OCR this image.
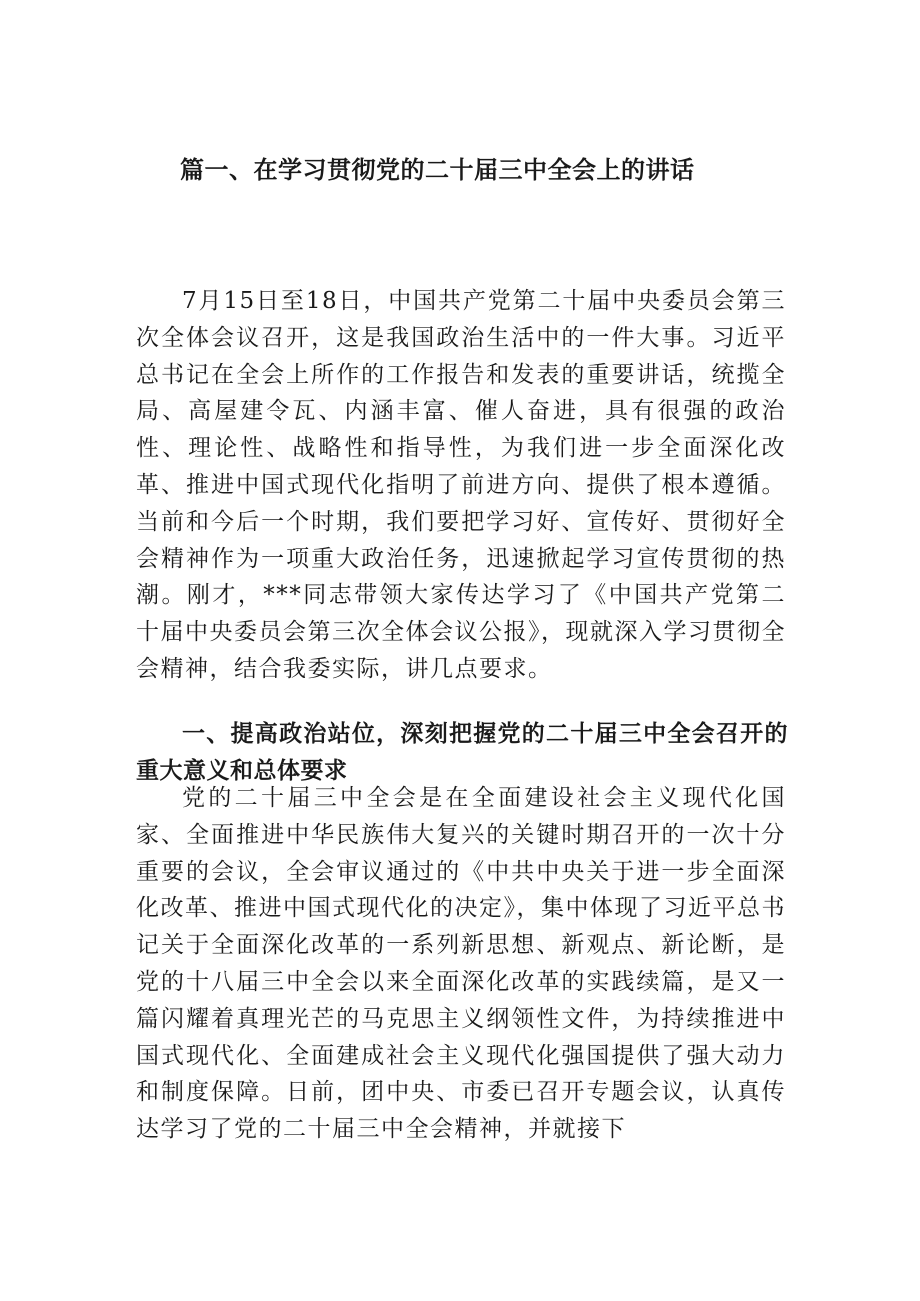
篇一、在学习贯彻党的二十届三中全会上的讲话

7月15日至18日，中国共产党第二十届中央委员会第三次全体会议召开，这是我国政治生活中的一件大事。习近平总书记在全会上所作的工作报告和发表的重要讲话，统揽全局、高屋建令瓦、内涵丰富、催人奋进，具有很强的政治性、理论性、战略性和指导性，为我们进一步全面深化改革、推进中国式现代化指明了前进方向、提供了根本遵循。当前和今后一个时期，我们要把学习好、宣传好、贯彻好全会精神作为一项重大政治任务，迅速掀起学习宣传贯彻的热潮。刚才，***同志带领大家传达学习了《中国共产党第二十届中央委员会第三次全体会议公报》，现就深入学习贯彻全会精神，结合我委实际，讲几点要求。

一、提高政治站位，深刻把握党的二十届三中全会召开的重大意义和总体要求

党的二十届三中全会是在全面建设社会主义现代化国家、全面推进中华民族伟大复兴的关键时期召开的一次十分重要的会议，全会审议通过的《中共中央关于进一步全面深化改革、推进中国式现代化的决定》，集中体现了习近平总书记关于全面深化改革的一系列新思想、新观点、新论断，是党的十八届三中全会以来全面深化改革的实践续篇，是又一篇闪耀着真理光芒的马克思主义纲领性文件，为持续推进中国式现代化、全面建成社会主义现代化强国提供了强大动力和制度保障。日前，团中央、市委已召开专题会议，认真传达学习了党的二十届三中全会精神，并就接下
